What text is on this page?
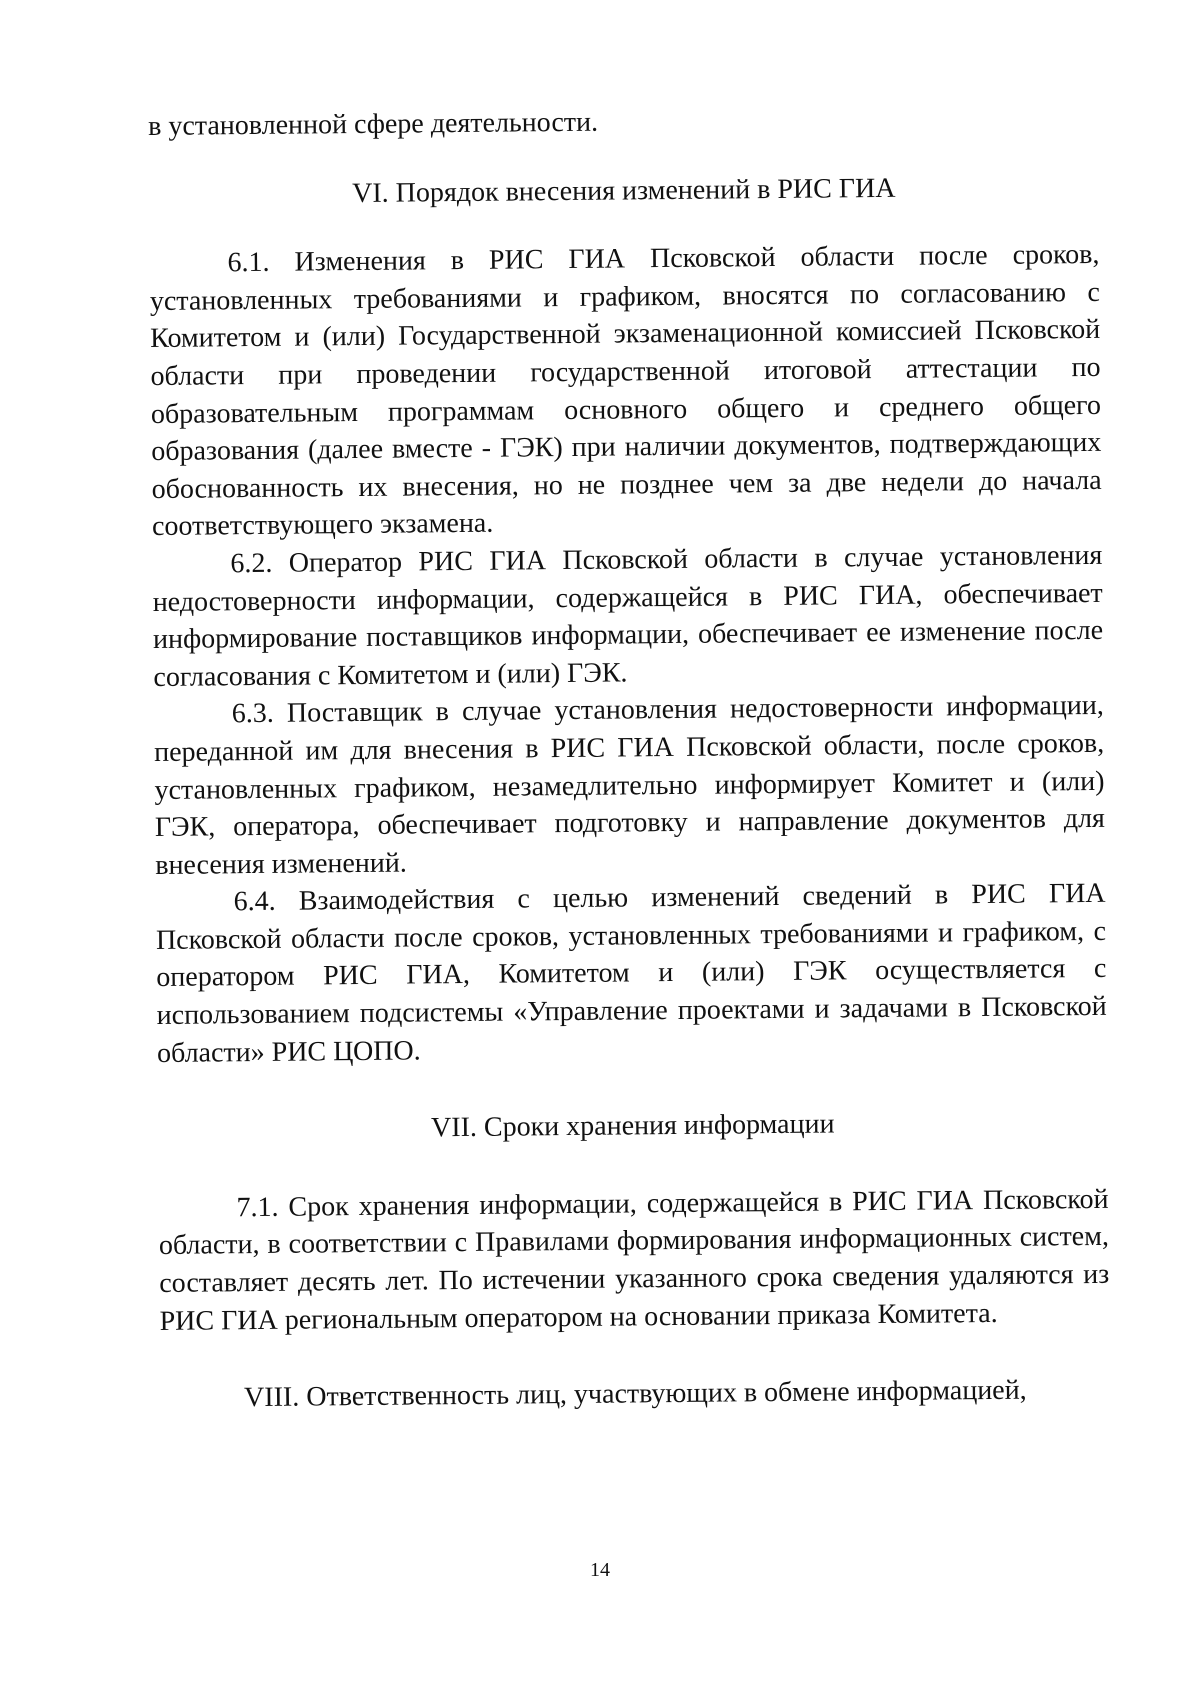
в установленной сфере деятельности.

VI. Порядок внесения изменений в РИС ГИА

6.1. Изменения в РИС ГИА Псковской области после сроков, установленных требованиями и графиком, вносятся по согласованию с Комитетом и (или) Государственной экзаменационной комиссией Псковской области при проведении государственной итоговой аттестации по образовательным программам основного общего и среднего общего образования (далее вместе - ГЭК) при наличии документов, подтверждающих обоснованность их внесения, но не позднее чем за две недели до начала соответствующего экзамена.

6.2. Оператор РИС ГИА Псковской области в случае установления недостоверности информации, содержащейся в РИС ГИА, обеспечивает информирование поставщиков информации, обеспечивает ее изменение после согласования с Комитетом и (или) ГЭК.

6.3. Поставщик в случае установления недостоверности информации, переданной им для внесения в РИС ГИА Псковской области, после сроков, установленных графиком, незамедлительно информирует Комитет и (или) ГЭК, оператора, обеспечивает подготовку и направление документов для внесения изменений.

6.4. Взаимодействия с целью изменений сведений в РИС ГИА Псковской области после сроков, установленных требованиями и графиком, с оператором РИС ГИА, Комитетом и (или) ГЭК осуществляется с использованием подсистемы «Управление проектами и задачами в Псковской области» РИС ЦОПО.

VII. Сроки хранения информации

7.1. Срок хранения информации, содержащейся в РИС ГИА Псковской области, в соответствии с Правилами формирования информационных систем, составляет десять лет. По истечении указанного срока сведения удаляются из РИС ГИА региональным оператором на основании приказа Комитета.

VIII. Ответственность лиц, участвующих в обмене информацией,
14
